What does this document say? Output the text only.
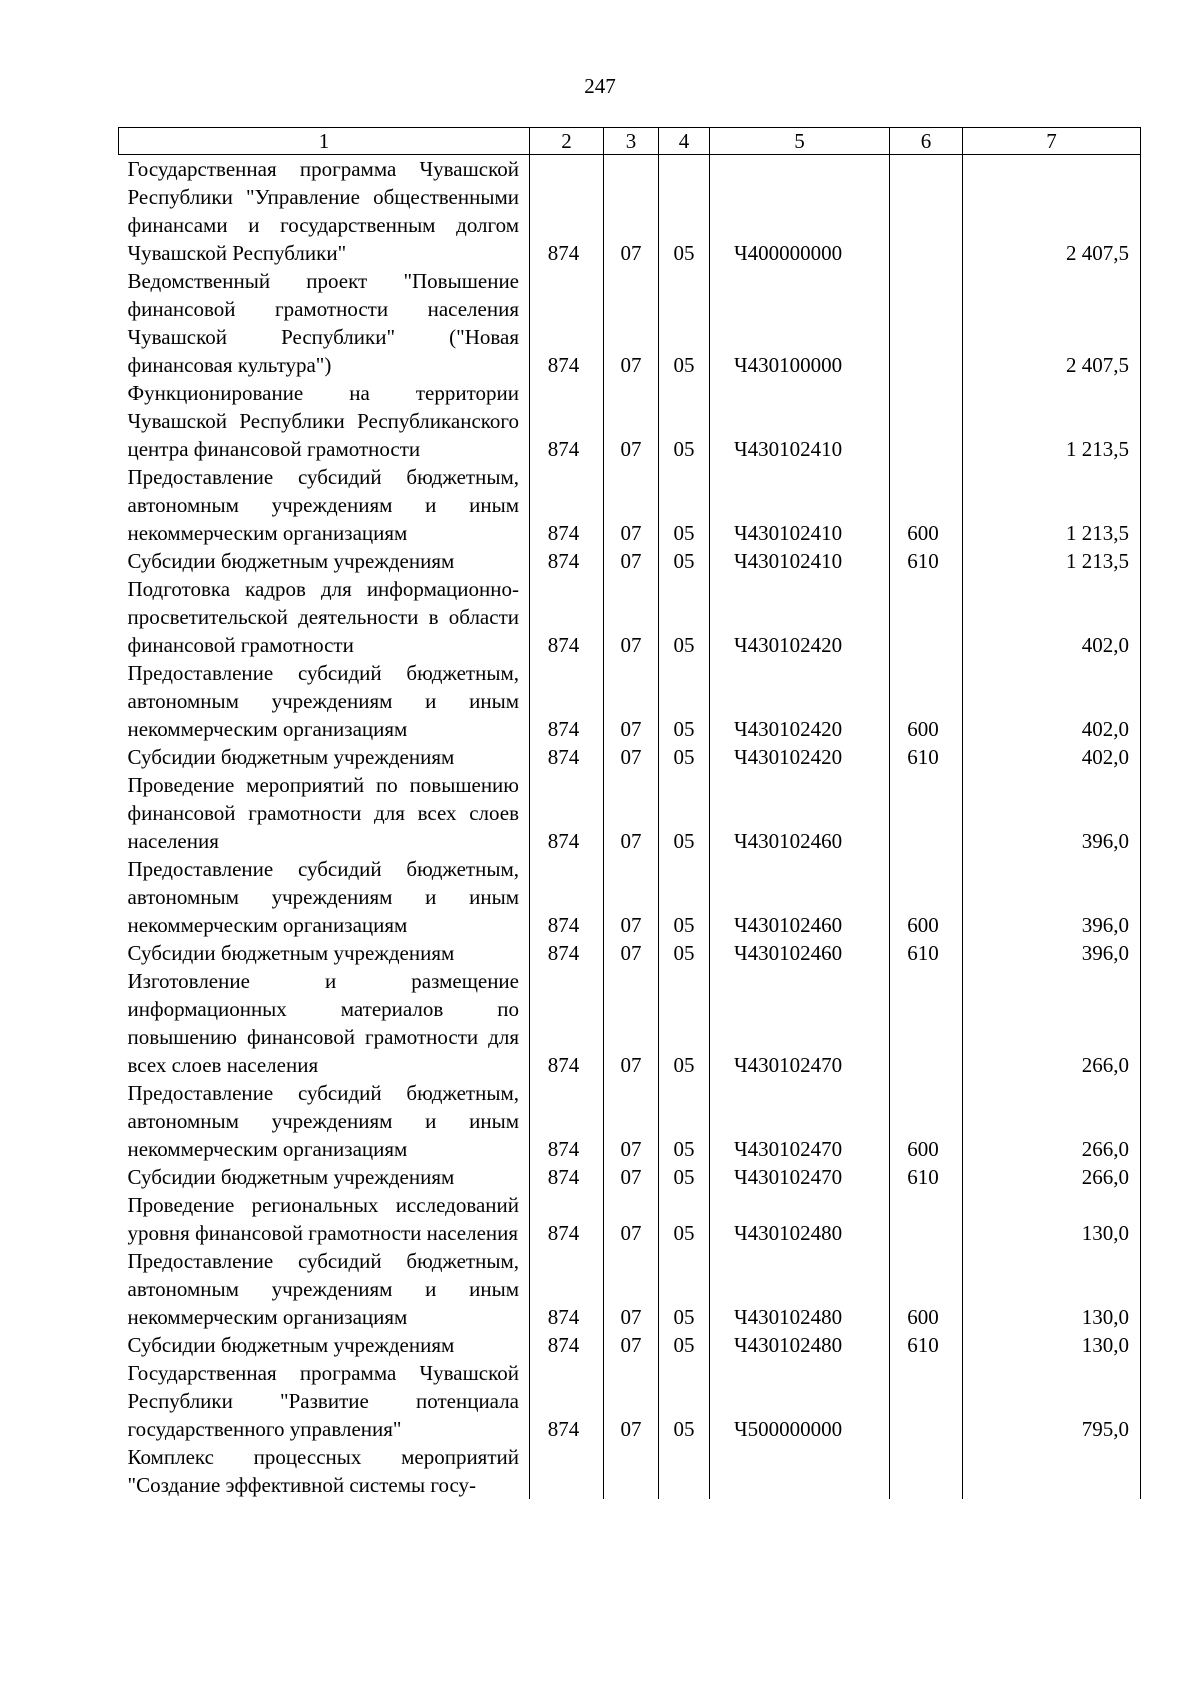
247
1	2	3	4	5	6	7
Государственная программа Чувашской Республики "Управление общественными финансами и государственным долгом Чувашской Республики"	874	07	05	Ч400000000		2 407,5
Ведомственный проект "Повышение финансовой грамотности населения Чувашской Республики" ("Новая финансовая культура")	874	07	05	Ч430100000		2 407,5
Функционирование на территории Чувашской Республики Республиканского центра финансовой грамотности	874	07	05	Ч430102410		1 213,5
Предоставление субсидий бюджетным, автономным учреждениям и иным некоммерческим организациям	874	07	05	Ч430102410	600	1 213,5
Субсидии бюджетным учреждениям	874	07	05	Ч430102410	610	1 213,5
Подготовка кадров для информационно-просветительской деятельности в области финансовой грамотности	874	07	05	Ч430102420		402,0
Предоставление субсидий бюджетным, автономным учреждениям и иным некоммерческим организациям	874	07	05	Ч430102420	600	402,0
Субсидии бюджетным учреждениям	874	07	05	Ч430102420	610	402,0
Проведение мероприятий по повышению финансовой грамотности для всех слоев населения	874	07	05	Ч430102460		396,0
Предоставление субсидий бюджетным, автономным учреждениям и иным некоммерческим организациям	874	07	05	Ч430102460	600	396,0
Субсидии бюджетным учреждениям	874	07	05	Ч430102460	610	396,0
Изготовление и размещение информационных материалов по повышению финансовой грамотности для всех слоев населения	874	07	05	Ч430102470		266,0
Предоставление субсидий бюджетным, автономным учреждениям и иным некоммерческим организациям	874	07	05	Ч430102470	600	266,0
Субсидии бюджетным учреждениям	874	07	05	Ч430102470	610	266,0
Проведение региональных исследований уровня финансовой грамотности населения	874	07	05	Ч430102480		130,0
Предоставление субсидий бюджетным, автономным учреждениям и иным некоммерческим организациям	874	07	05	Ч430102480	600	130,0
Субсидии бюджетным учреждениям	874	07	05	Ч430102480	610	130,0
Государственная программа Чувашской Республики "Развитие потенциала государственного управления"	874	07	05	Ч500000000		795,0
Комплекс процессных мероприятий "Создание эффективной системы госу-						
